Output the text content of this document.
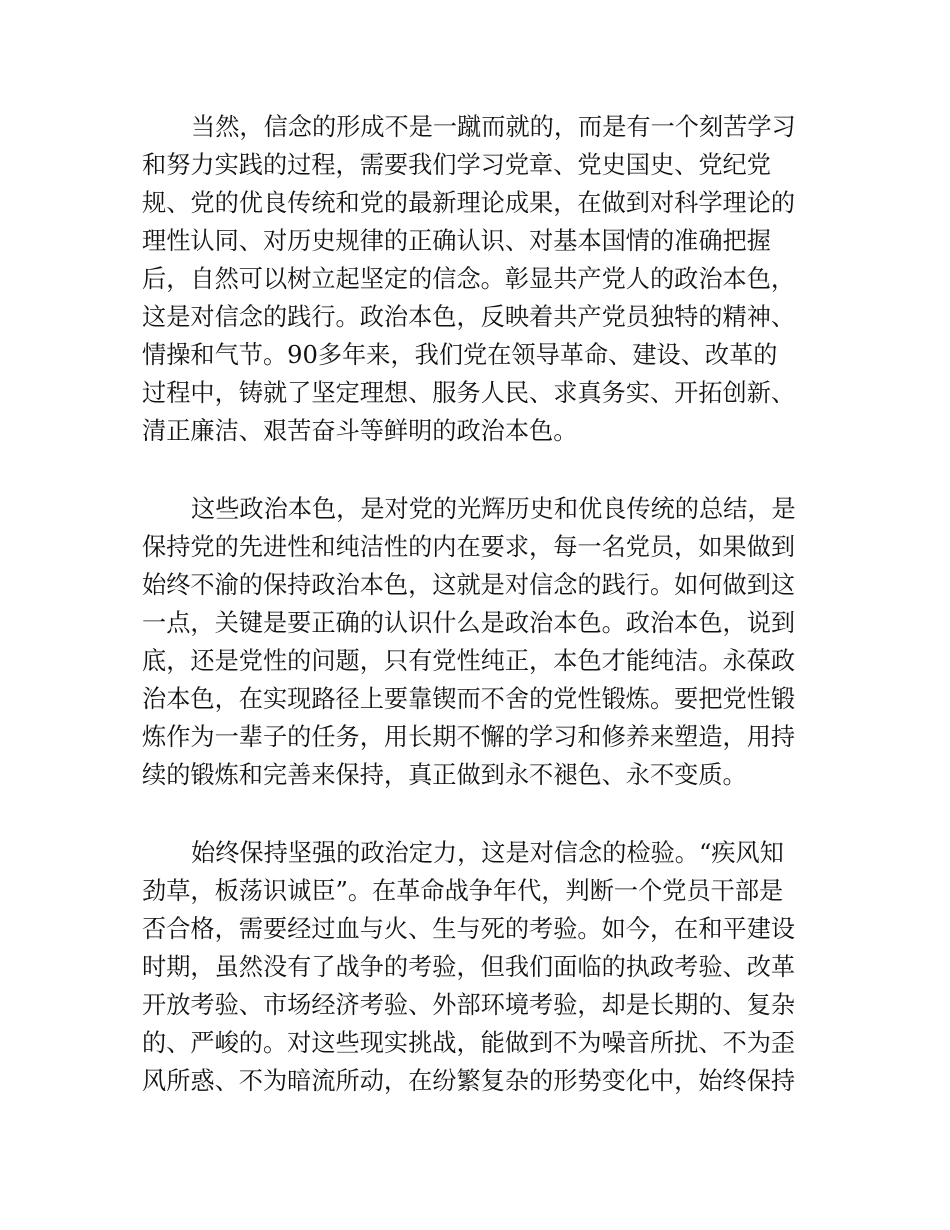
当然，信念的形成不是一蹴而就的，而是有一个刻苦学习
和努力实践的过程，需要我们学习党章、党史国史、党纪党
规、党的优良传统和党的最新理论成果，在做到对科学理论的
理性认同、对历史规律的正确认识、对基本国情的准确把握
后，自然可以树立起坚定的信念。彰显共产党人的政治本色，
这是对信念的践行。政治本色，反映着共产党员独特的精神、
情操和气节。90多年来，我们党在领导革命、建设、改革的
过程中，铸就了坚定理想、服务人民、求真务实、开拓创新、
清正廉洁、艰苦奋斗等鲜明的政治本色。
这些政治本色，是对党的光辉历史和优良传统的总结，是
保持党的先进性和纯洁性的内在要求，每一名党员，如果做到
始终不渝的保持政治本色，这就是对信念的践行。如何做到这
一点，关键是要正确的认识什么是政治本色。政治本色，说到
底，还是党性的问题，只有党性纯正，本色才能纯洁。永葆政
治本色，在实现路径上要靠锲而不舍的党性锻炼。要把党性锻
炼作为一辈子的任务，用长期不懈的学习和修养来塑造，用持
续的锻炼和完善来保持，真正做到永不褪色、永不变质。
始终保持坚强的政治定力，这是对信念的检验。“疾风知
劲草，板荡识诚臣”。在革命战争年代，判断一个党员干部是
否合格，需要经过血与火、生与死的考验。如今，在和平建设
时期，虽然没有了战争的考验，但我们面临的执政考验、改革
开放考验、市场经济考验、外部环境考验，却是长期的、复杂
的、严峻的。对这些现实挑战，能做到不为噪音所扰、不为歪
风所惑、不为暗流所动，在纷繁复杂的形势变化中，始终保持
